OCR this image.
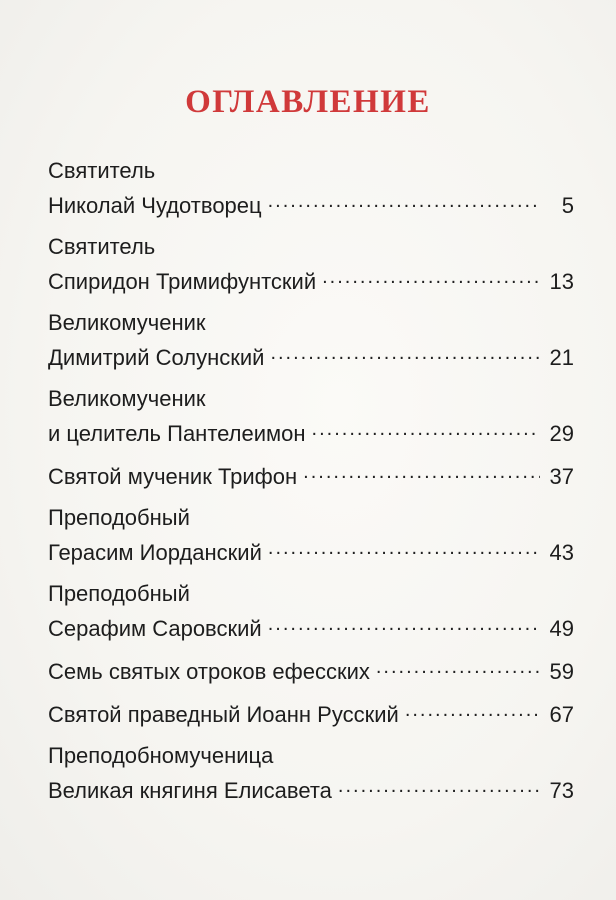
ОГЛАВЛЕНИЕ
Святитель
Николай Чудотворец .....	5
Святитель
Спиридон Тримифунтский .....	13
Великомученик
Димитрий Солунский .....	21
Великомученик
и целитель Пантелеимон .....	29
Святой мученик Трифон .....	37
Преподобный
Герасим Иорданский .....	43
Преподобный
Серафим Саровский .....	49
Семь святых отроков ефесских .....	59
Святой праведный Иоанн Русский .....	67
Преподобномученица
Великая княгиня Елисавета .....	73
